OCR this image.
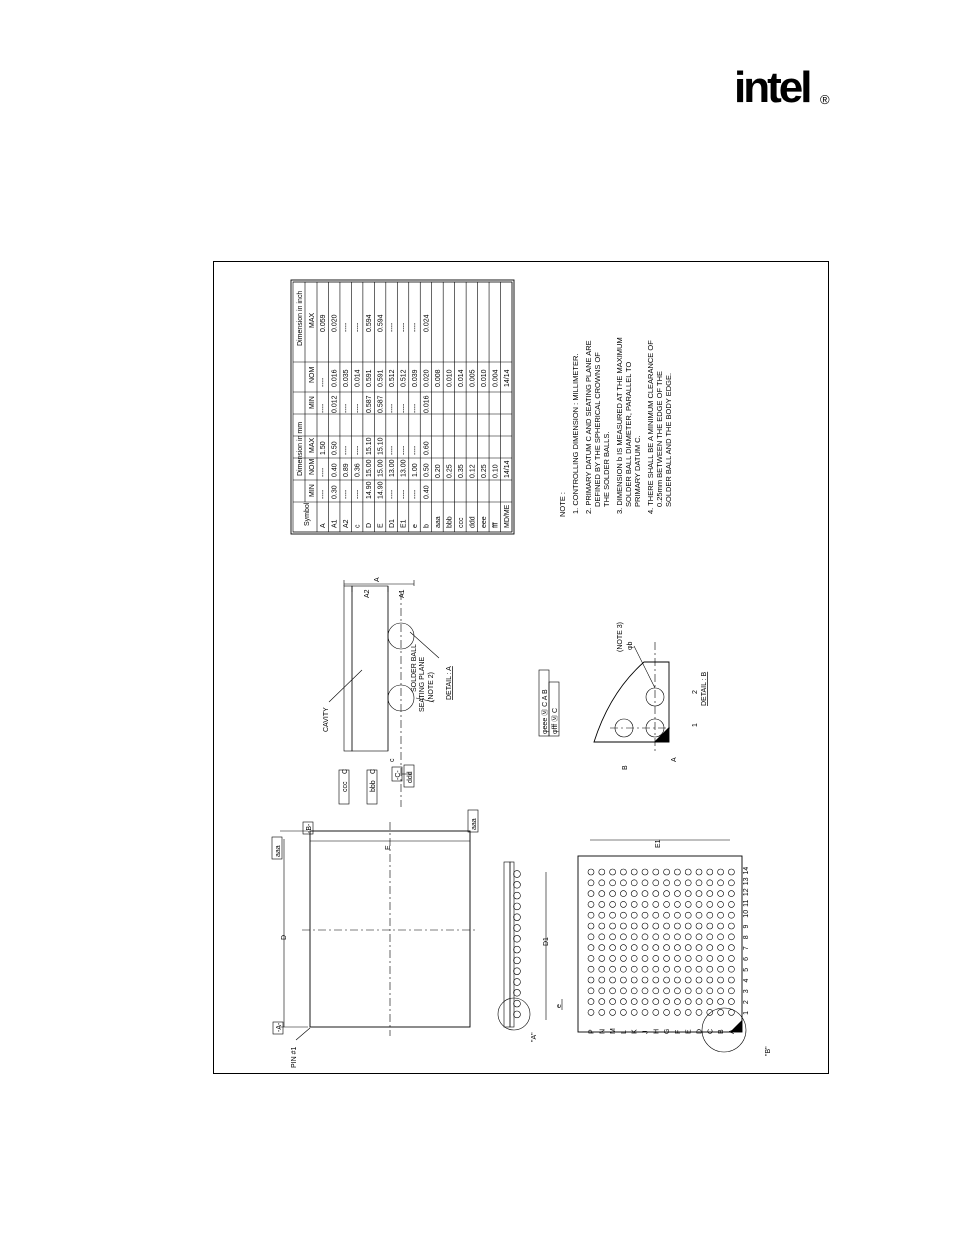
intel ®
Symbol
Dimension in mm
Dimension in inch
MIN
NOM
MAX
MIN
NOM
MAX
A
----
----
1.50
----
----
0.059
A1
0.30
0.40
0.50
0.012
0.016
0.020
A2
----
0.89
----
----
0.035
----
c
----
0.36
----
----
0.014
----
D
14.90
15.00
15.10
0.587
0.591
0.594
E
14.90
15.00
15.10
0.587
0.591
0.594
D1
----
13.00
----
----
0.512
----
E1
----
13.00
----
----
0.512
----
e
----
1.00
----
----
0.039
----
b
0.40
0.50
0.60
0.016
0.020
0.024
aaa
0.20
0.008
bbb
0.25
0.010
ccc
0.35
0.014
ddd
0.12
0.005
eee
0.25
0.010
fff
0.10
0.004
MD/ME
14/14
14/14
NOTE : 1. CONTROLLING DIMENSION : MILLIMETER. 2. PRIMARY DATUM C AND SEATING PLANE ARE DEFINED BY THE SPHERICAL CROWNS OF THE SOLDER BALLS. 3. DIMENSION b IS MEASURED AT THE MAXIMUM SOLDER BALL DIAMETER, PARALLEL TO PRIMARY DATUM C. 4. THERE SHALL BE A MINIMUM CLEARANCE OF 0.25mm BETWEEN THE EDGE OF THE SOLDER BALL AND THE BODY EDGE.
D
E
-A-
-B-
aaa
aaa
PIN #1
"A"
P N M L K J H G F E D C B A
1
2
3
4
5
6
7
8
9
10
11
12
13
14
"B"
D1
E1
e
A
A2	A1
c
CAVITY
SOLDER BALL SEATING PLANE (NOTE 2) DETAIL : A
ccc
C
bbb
C	-C- ddd
φb
(NOTE 3)
A
B
1
2 DETAIL : B
φeee Ⓜ C A B φfff Ⓜ C
